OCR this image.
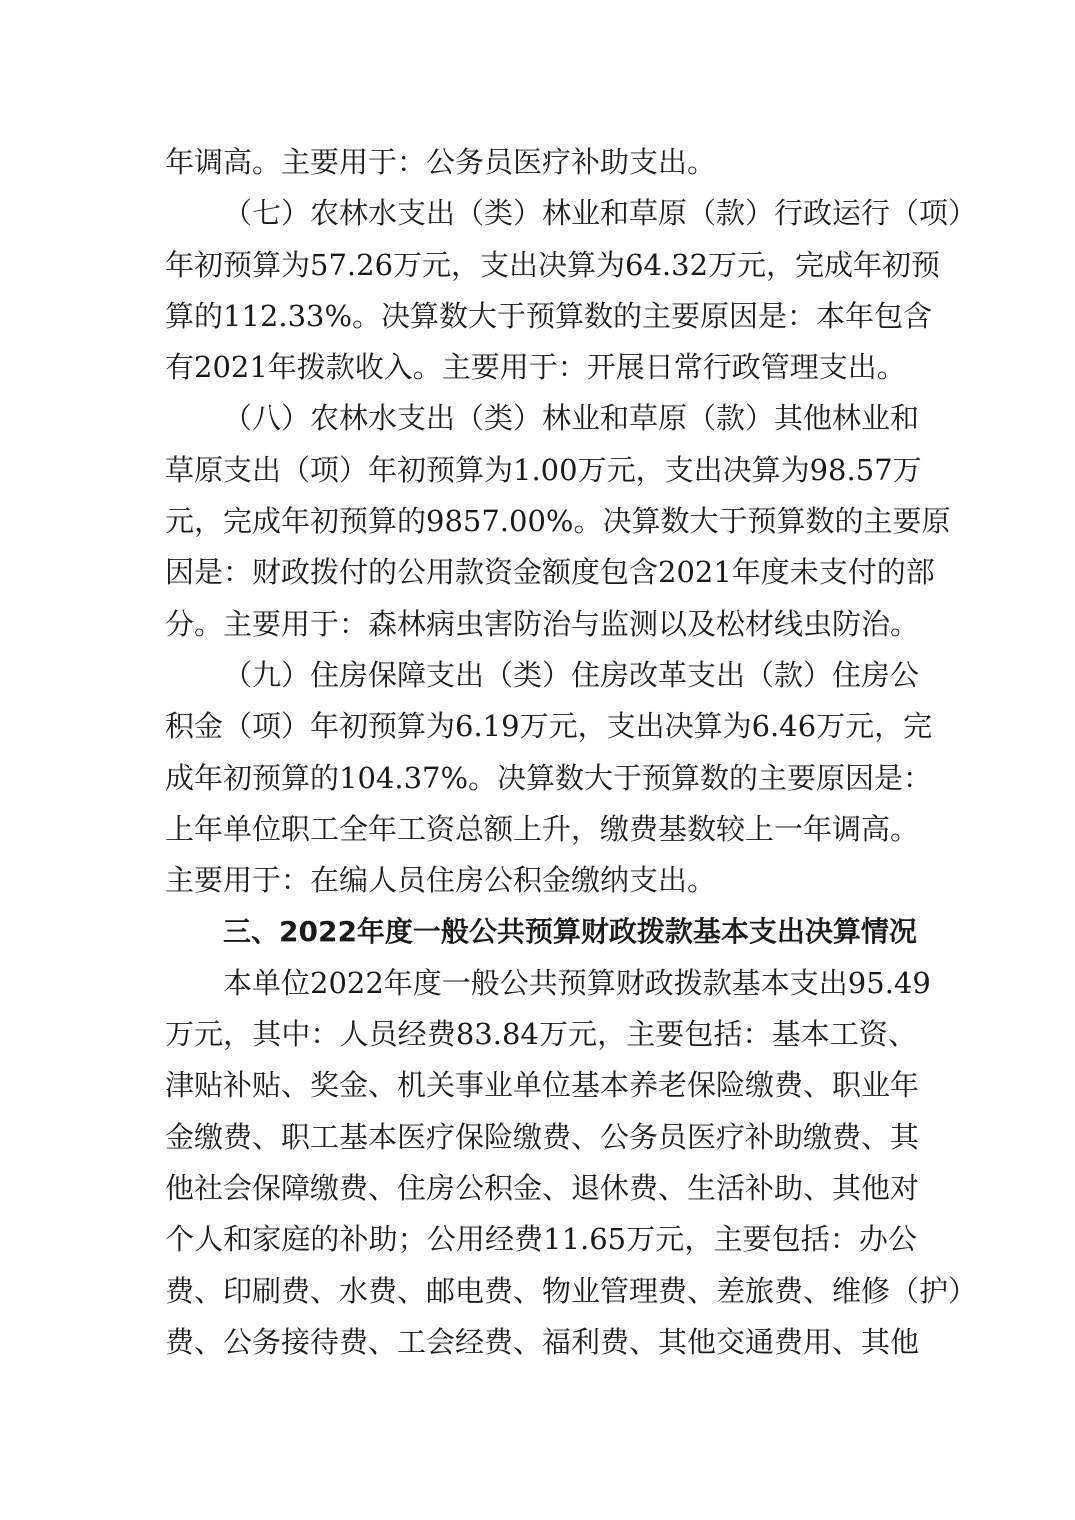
年调高。主要用于：公务员医疗补助支出。
（七）农林水支出（类）林业和草原（款）行政运行（项）
年初预算为57.26万元，支出决算为64.32万元，完成年初预
算的112.33%。决算数大于预算数的主要原因是：本年包含
有2021年拨款收入。主要用于：开展日常行政管理支出。
（八）农林水支出（类）林业和草原（款）其他林业和
草原支出（项）年初预算为1.00万元，支出决算为98.57万
元，完成年初预算的9857.00%。决算数大于预算数的主要原
因是：财政拨付的公用款资金额度包含2021年度未支付的部
分。主要用于：森林病虫害防治与监测以及松材线虫防治。
（九）住房保障支出（类）住房改革支出（款）住房公
积金（项）年初预算为6.19万元，支出决算为6.46万元，完
成年初预算的104.37%。决算数大于预算数的主要原因是：
上年单位职工全年工资总额上升，缴费基数较上一年调高。
主要用于：在编人员住房公积金缴纳支出。
三、2022年度一般公共预算财政拨款基本支出决算情况
本单位2022年度一般公共预算财政拨款基本支出95.49
万元，其中：人员经费83.84万元，主要包括：基本工资、
津贴补贴、奖金、机关事业单位基本养老保险缴费、职业年
金缴费、职工基本医疗保险缴费、公务员医疗补助缴费、其
他社会保障缴费、住房公积金、退休费、生活补助、其他对
个人和家庭的补助；公用经费11.65万元，主要包括：办公
费、印刷费、水费、邮电费、物业管理费、差旅费、维修（护）
费、公务接待费、工会经费、福利费、其他交通费用、其他
